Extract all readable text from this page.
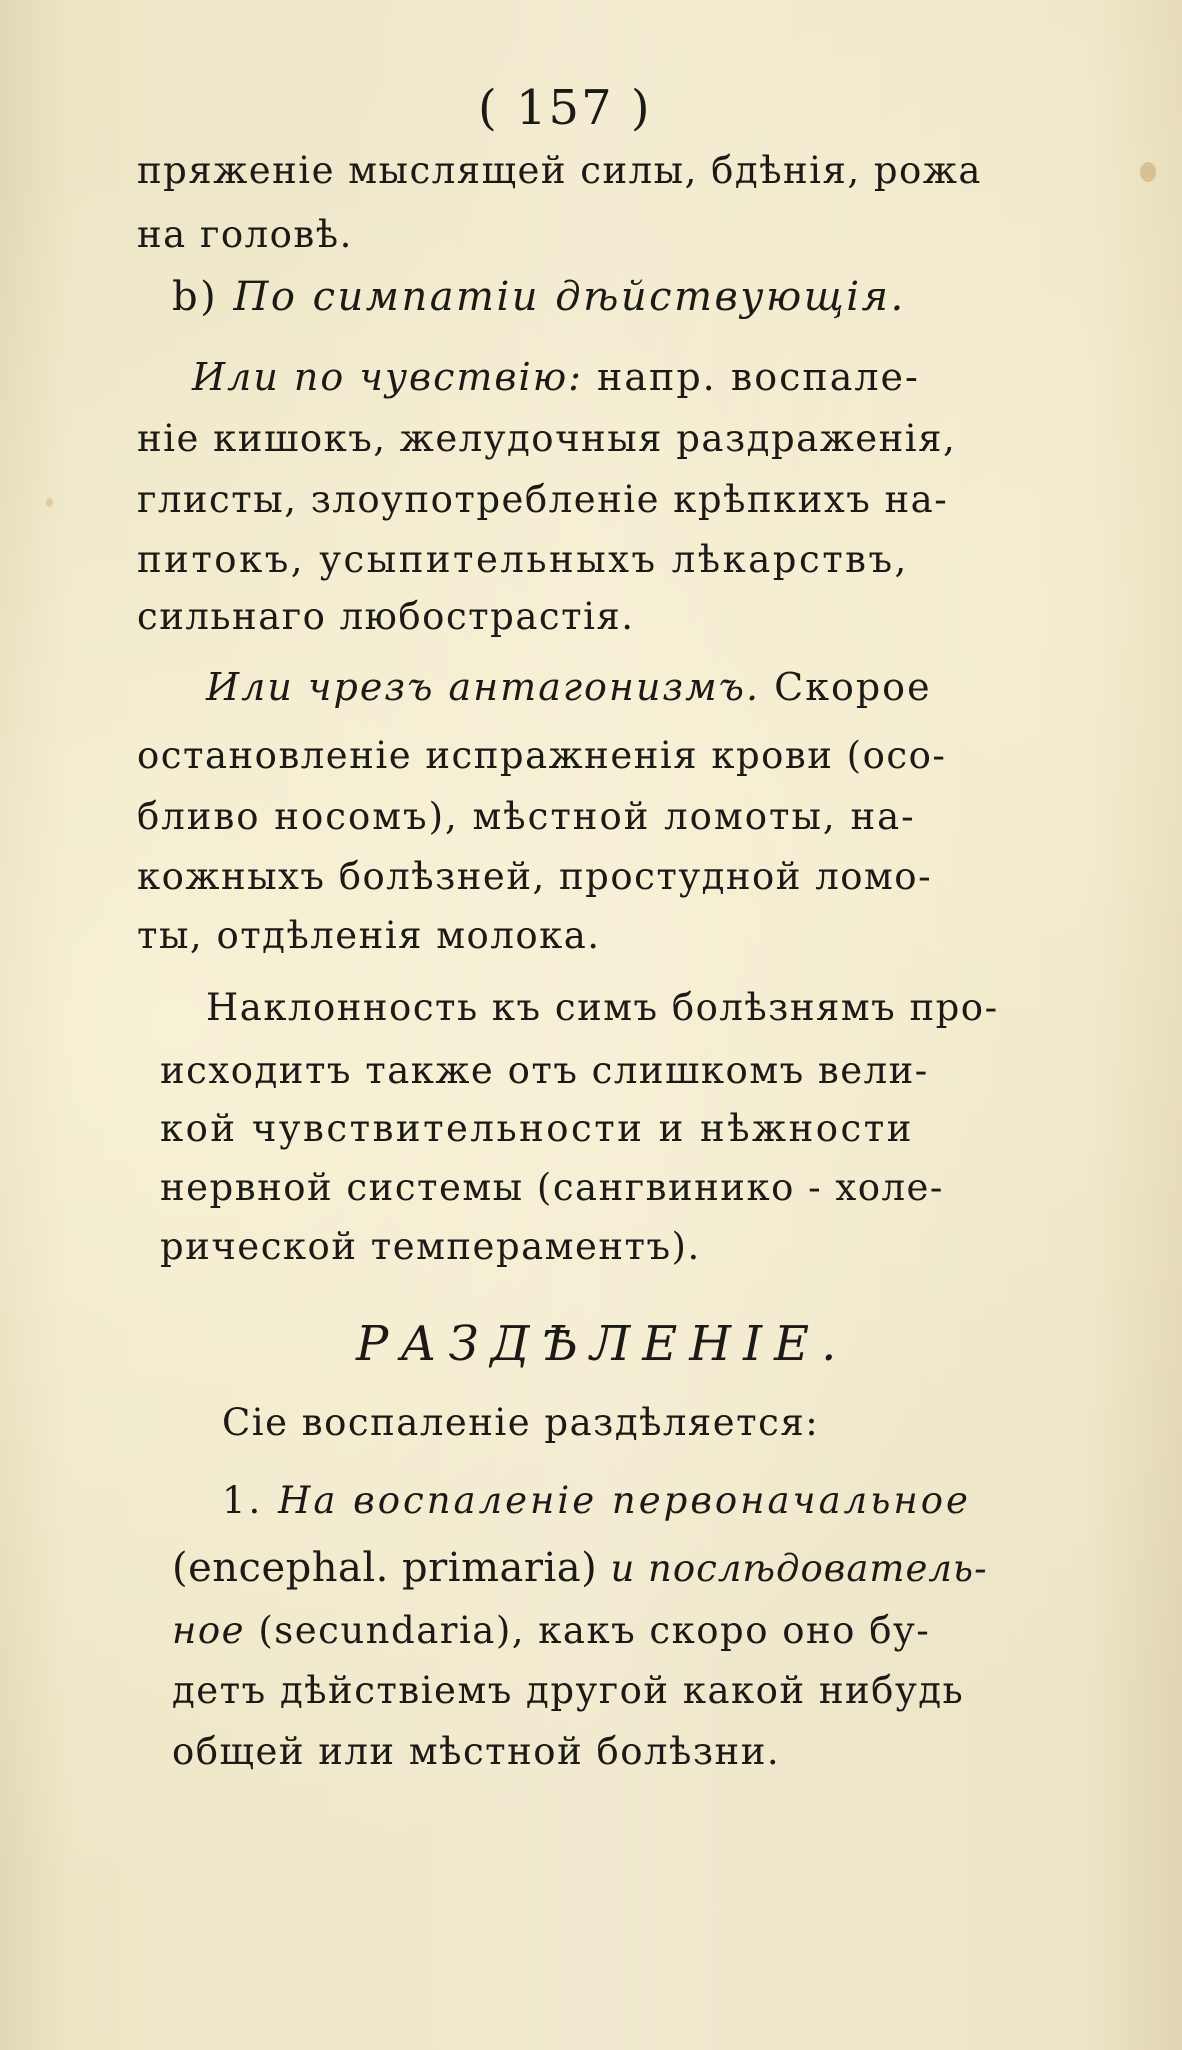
( 157 )
пряженіе мыслящей силы, бдѣнія, рожа
на головѣ.
b) По симпатіи дѣйствующія.
Или по чувствію: напр. воспале-
ніе кишокъ, желудочныя раздраженія,
глисты, злоупотребленіе крѣпкихъ на-
питокъ, усыпительныхъ лѣкарствъ,
сильнаго любострастія.
Или чрезъ антагонизмъ. Скорое
остановленіе испражненія крови (осо-
бливо носомъ), мѣстной ломоты, на-
кожныхъ болѣзней, простудной ломо-
ты, отдѣленія молока.
Наклонность къ симъ болѣзнямъ про-
исходитъ также отъ слишкомъ вели-
кой чувствительности и нѣжности
нервной системы (сангвинико - холе-
рической темпераментъ).
РАЗДѢЛЕНІЕ.
Сіе воспаленіе раздѣляется:
1. На воспаленіе первоначальное
(encephal. primaria) и послѣдователь-
ное (secundaria), какъ скоро оно бу-
детъ дѣйствіемъ другой какой нибудь
общей или мѣстной болѣзни.
